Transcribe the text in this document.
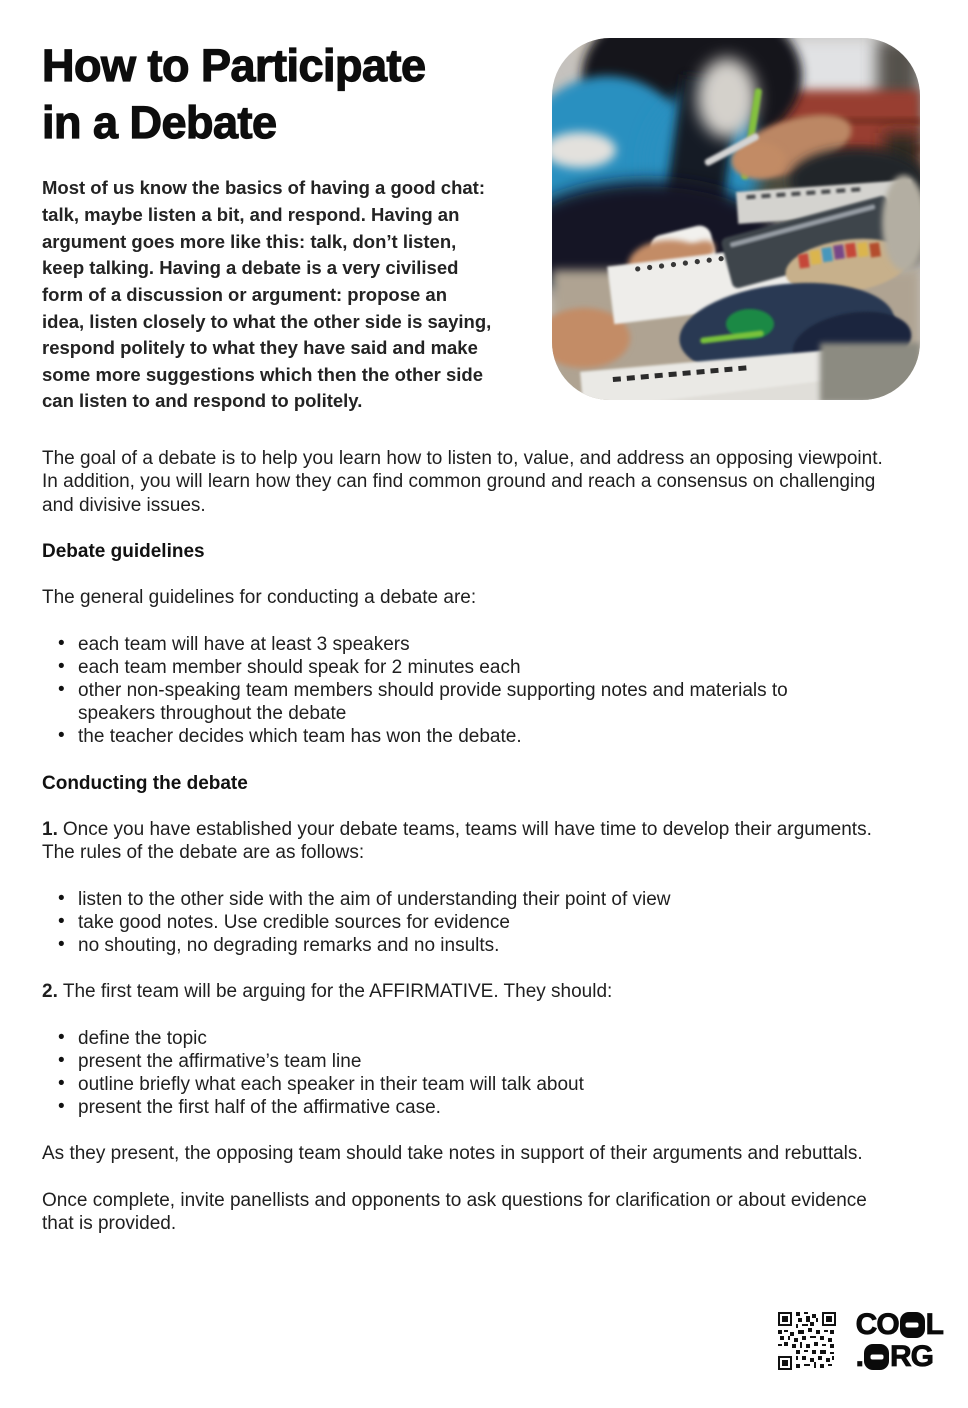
How to Participate
in a Debate

Most of us know the basics of having a good chat: talk, maybe listen a bit, and respond. Having an argument goes more like this: talk, don’t listen, keep talking. Having a debate is a very civilised form of a discussion or argument: propose an idea, listen closely to what the other side is saying, respond politely to what they have said and make some more suggestions which then the other side can listen to and respond to politely.

The goal of a debate is to help you learn how to listen to, value, and address an opposing viewpoint. In addition, you will learn how they can find common ground and reach a consensus on challenging and divisive issues.

Debate guidelines

The general guidelines for conducting a debate are:

• each team will have at least 3 speakers
• each team member should speak for 2 minutes each
• other non-speaking team members should provide supporting notes and materials to speakers throughout the debate
• the teacher decides which team has won the debate.

Conducting the debate

1. Once you have established your debate teams, teams will have time to develop their arguments. The rules of the debate are as follows:

• listen to the other side with the aim of understanding their point of view
• take good notes. Use credible sources for evidence
• no shouting, no degrading remarks and no insults.

2. The first team will be arguing for the AFFIRMATIVE. They should:

• define the topic
• present the affirmative’s team line
• outline briefly what each speaker in their team will talk about
• present the first half of the affirmative case.

As they present, the opposing team should take notes in support of their arguments and rebuttals.

Once complete, invite panellists and opponents to ask questions for clarification or about evidence that is provided.

CO L
. RG
